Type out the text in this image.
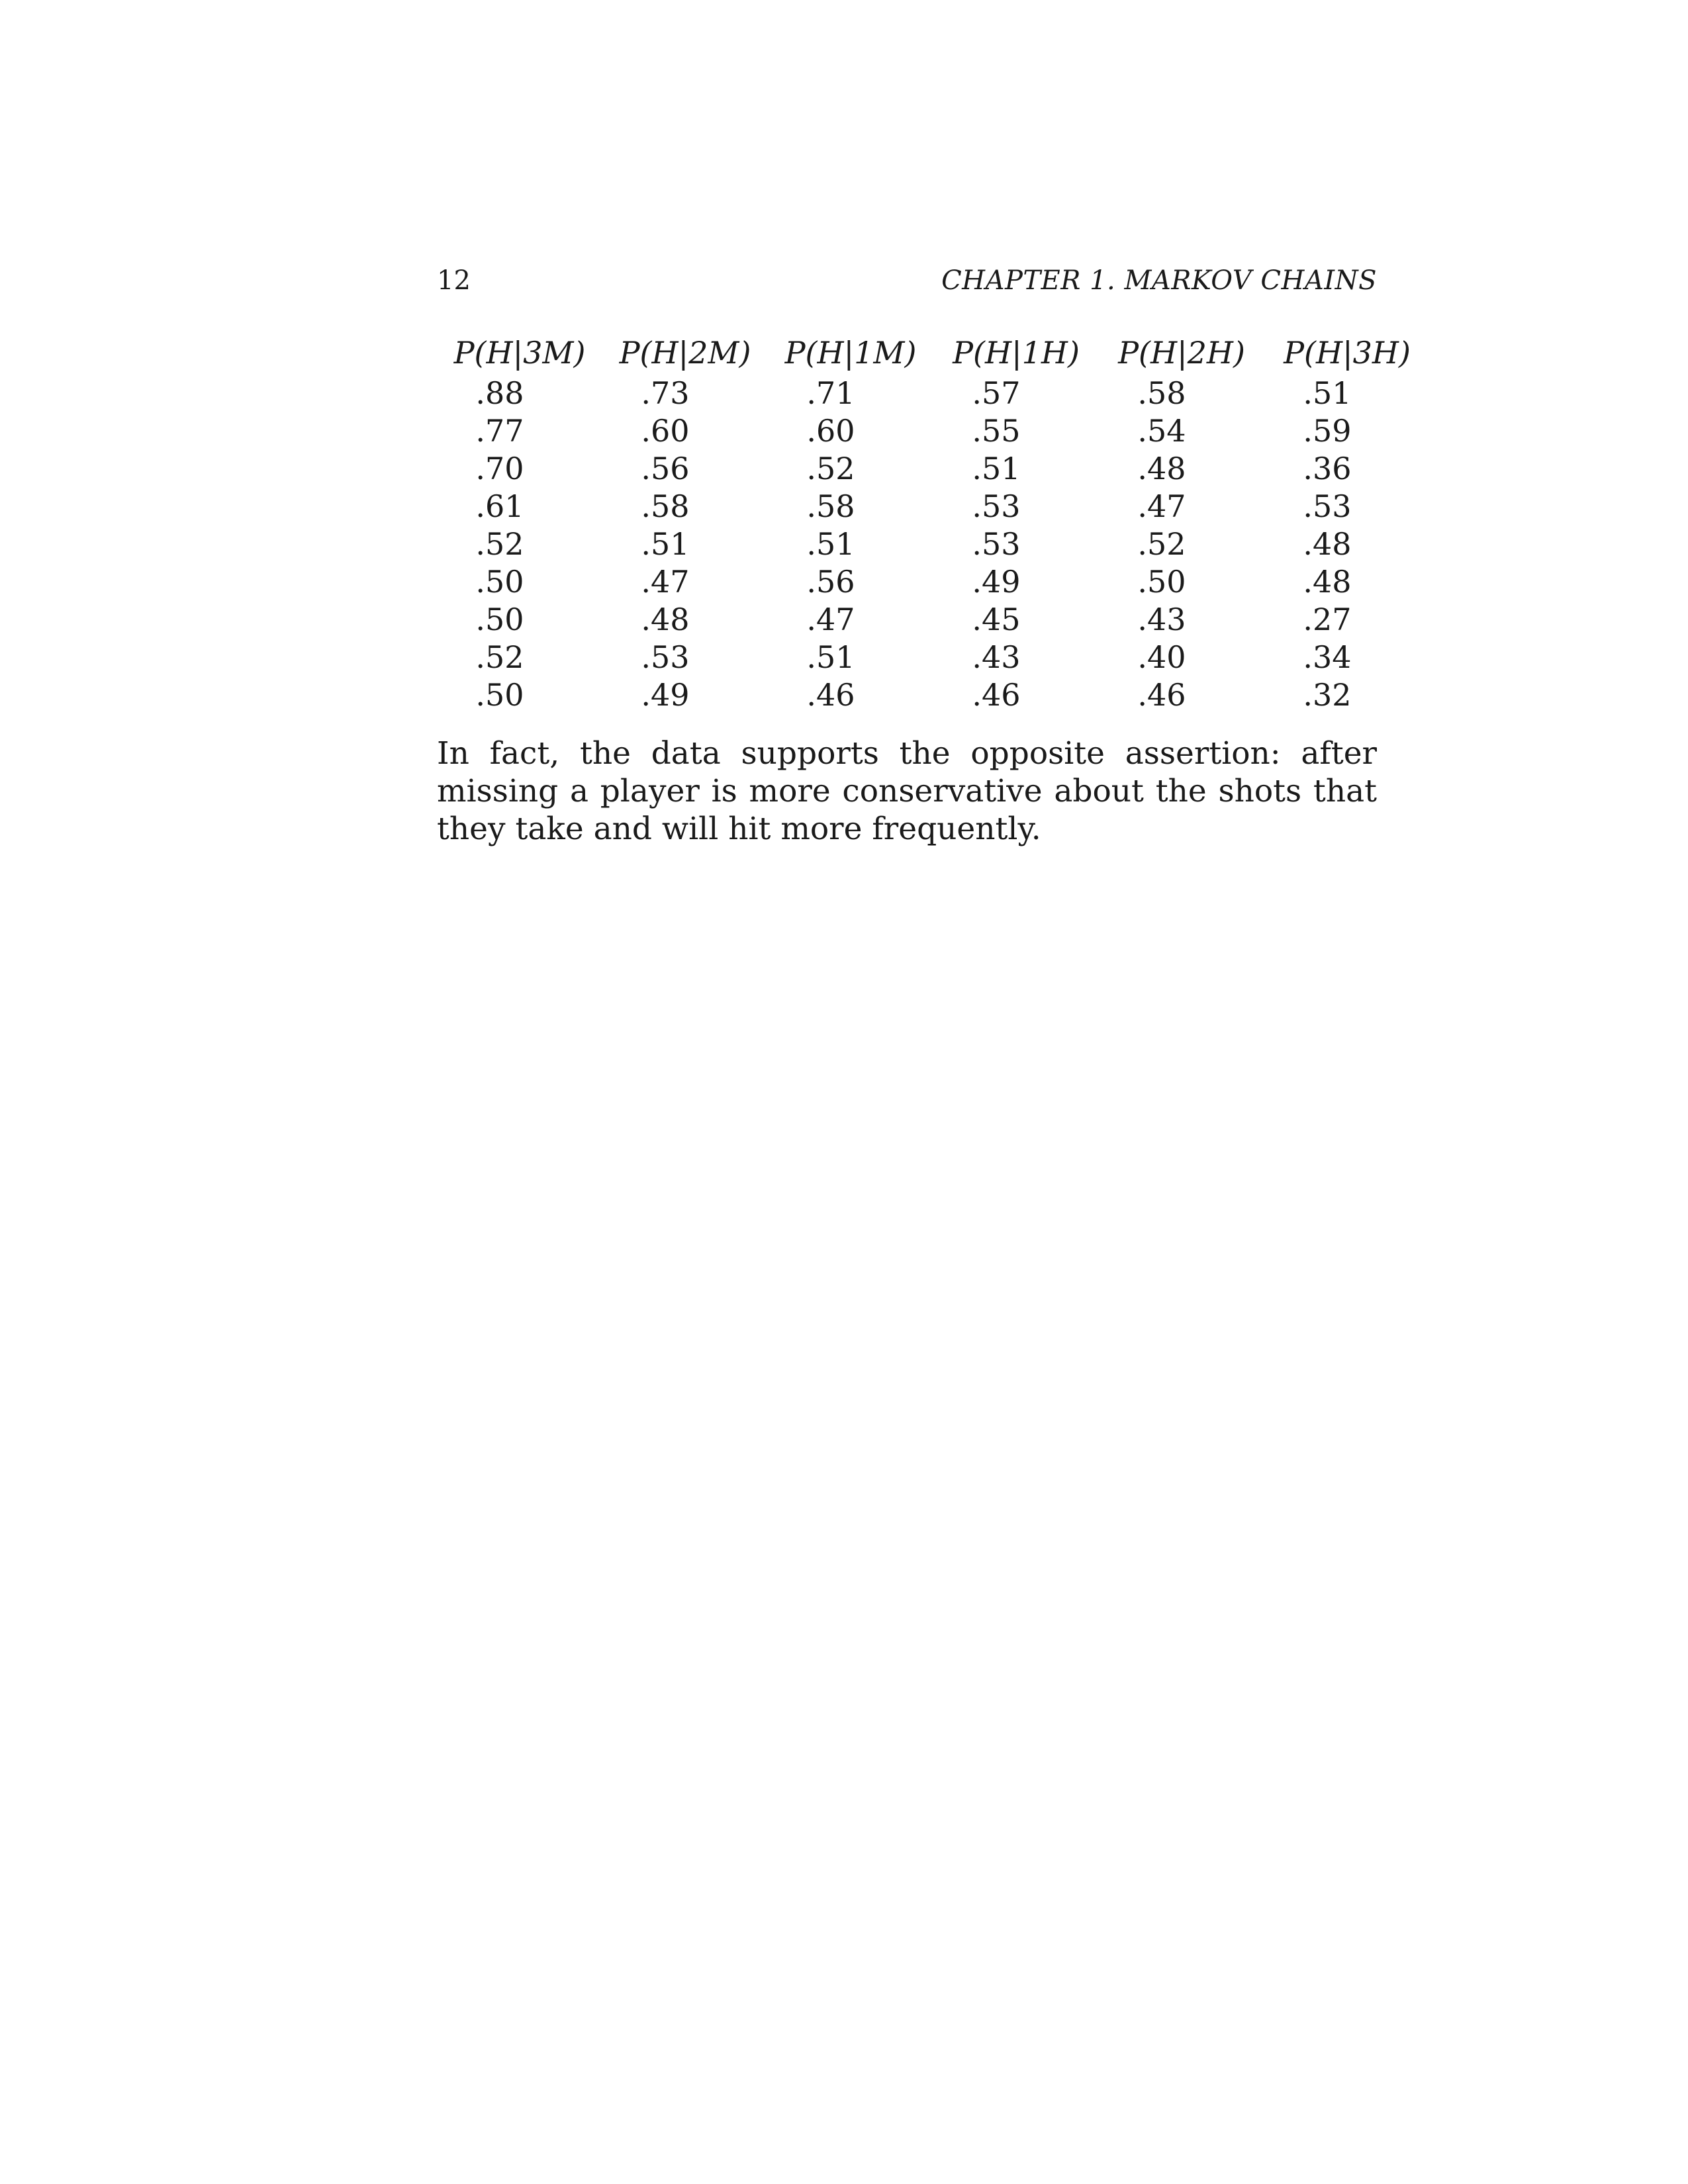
12	CHAPTER 1. MARKOV CHAINS
P(H|3M)	P(H|2M)	P(H|1M)	P(H|1H)	P(H|2H)	P(H|3H)
.88	.73	.71	.57	.58	.51
.77	.60	.60	.55	.54	.59
.70	.56	.52	.51	.48	.36
.61	.58	.58	.53	.47	.53
.52	.51	.51	.53	.52	.48
.50	.47	.56	.49	.50	.48
.50	.48	.47	.45	.43	.27
.52	.53	.51	.43	.40	.34
.50	.49	.46	.46	.46	.32

In fact, the data supports the opposite assertion: after missing a player is more conservative about the shots that they take and will hit more frequently.
